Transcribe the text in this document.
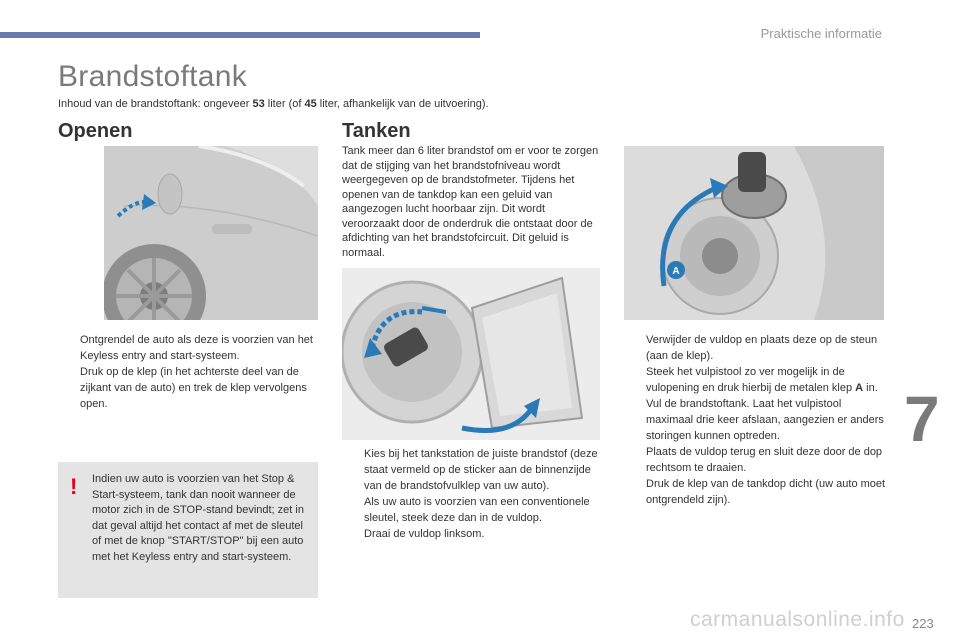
Praktische informatie
Brandstoftank
Inhoud van de brandstoftank: ongeveer 53 liter (of 45 liter, afhankelijk van de uitvoering).
Openen	Tanken
A
Tank meer dan 6 liter brandstof om er voor te zorgen dat de stijging van het brandstofniveau wordt weergegeven op de brandstofmeter. Tijdens het openen van de tankdop kan een geluid van aangezogen lucht hoorbaar zijn. Dit wordt veroorzaakt door de onderdruk die ontstaat door de afdichting van het brandstofcircuit. Dit geluid is normaal.
Ontgrendel de auto als deze is voorzien van het Keyless entry and start-systeem.
Druk op de klep (in het achterste deel van de zijkant van de auto) en trek de klep vervolgens open.
! Indien uw auto is voorzien van het Stop & Start-systeem, tank dan nooit wanneer de motor zich in de STOP-stand bevindt; zet in dat geval altijd het contact af met de sleutel of met de knop "START/STOP" bij een auto met het Keyless entry and start-systeem.
Kies bij het tankstation de juiste brandstof (deze staat vermeld op de sticker aan de binnenzijde van de brandstofvulklep van uw auto).
Als uw auto is voorzien van een conventionele sleutel, steek deze dan in de vuldop.
Draai de vuldop linksom.
Verwijder de vuldop en plaats deze op de steun (aan de klep).
Steek het vulpistool zo ver mogelijk in de vulopening en druk hierbij de metalen klep A in.
Vul de brandstoftank. Laat het vulpistool maximaal drie keer afslaan, aangezien er anders storingen kunnen optreden.
Plaats de vuldop terug en sluit deze door de dop rechtsom te draaien.
Druk de klep van de tankdop dicht (uw auto moet ontgrendeld zijn).
7
carmanualsonline.info 223
